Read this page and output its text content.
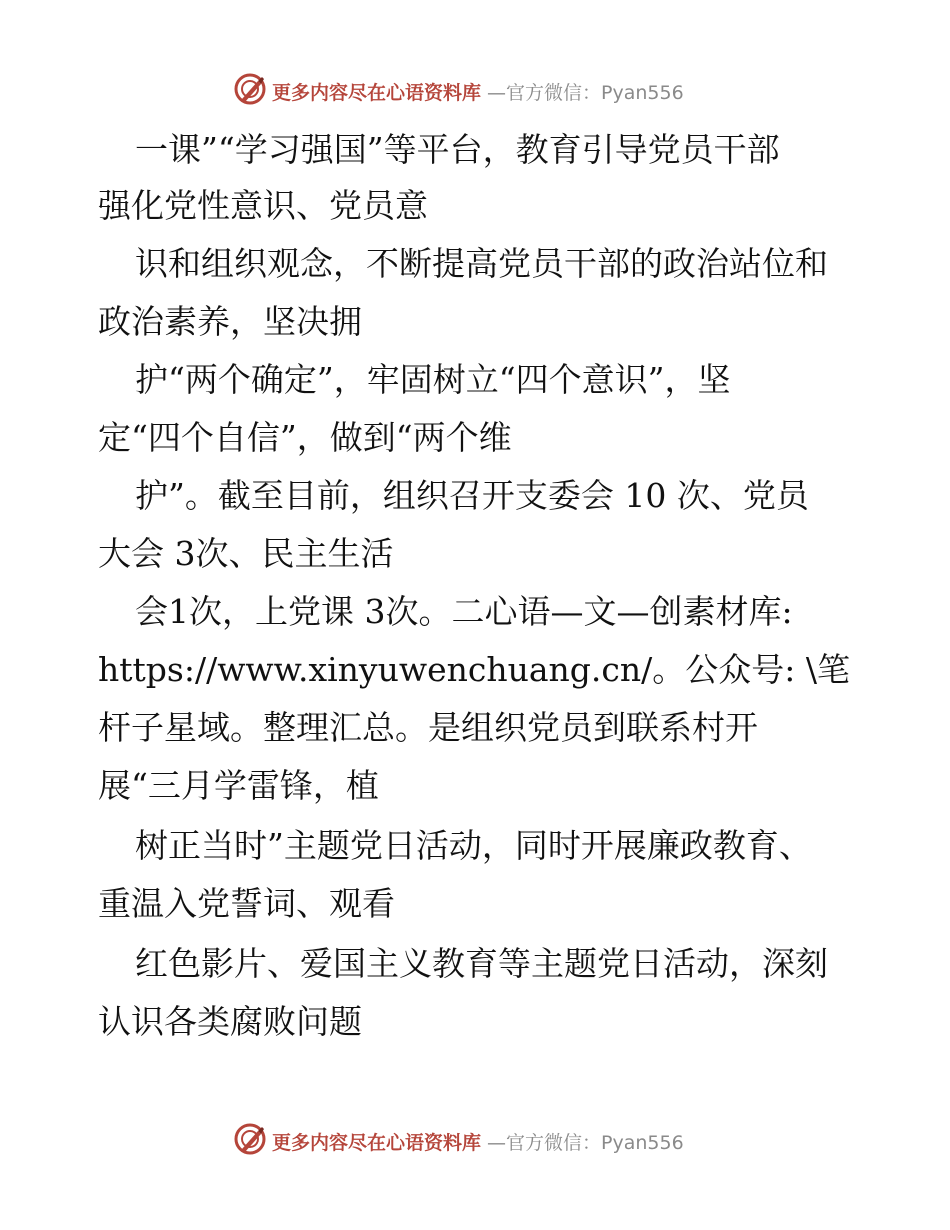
更多内容尽在心语资料库 —官方微信：Pyan556
一课”“学习强国”等平台，教育引导党员干部
强化党性意识、党员意
识和组织观念，不断提高党员干部的政治站位和
政治素养，坚决拥
护“两个确定”，牢固树立“四个意识”，坚
定“四个自信”，做到“两个维
护”。截至目前，组织召开支委会 10 次、党员
大会 3次、民主生活
会1次，上党课 3次。二心语—文—创素材库:
https://www.xinyuwenchuang.cn/。公众号: \笔
杆子星域。整理汇总。是组织党员到联系村开
展“三月学雷锋，植
树正当时”主题党日活动，同时开展廉政教育、
重温入党誓词、观看
红色影片、爱国主义教育等主题党日活动，深刻
认识各类腐败问题
更多内容尽在心语资料库 —官方微信：Pyan556
